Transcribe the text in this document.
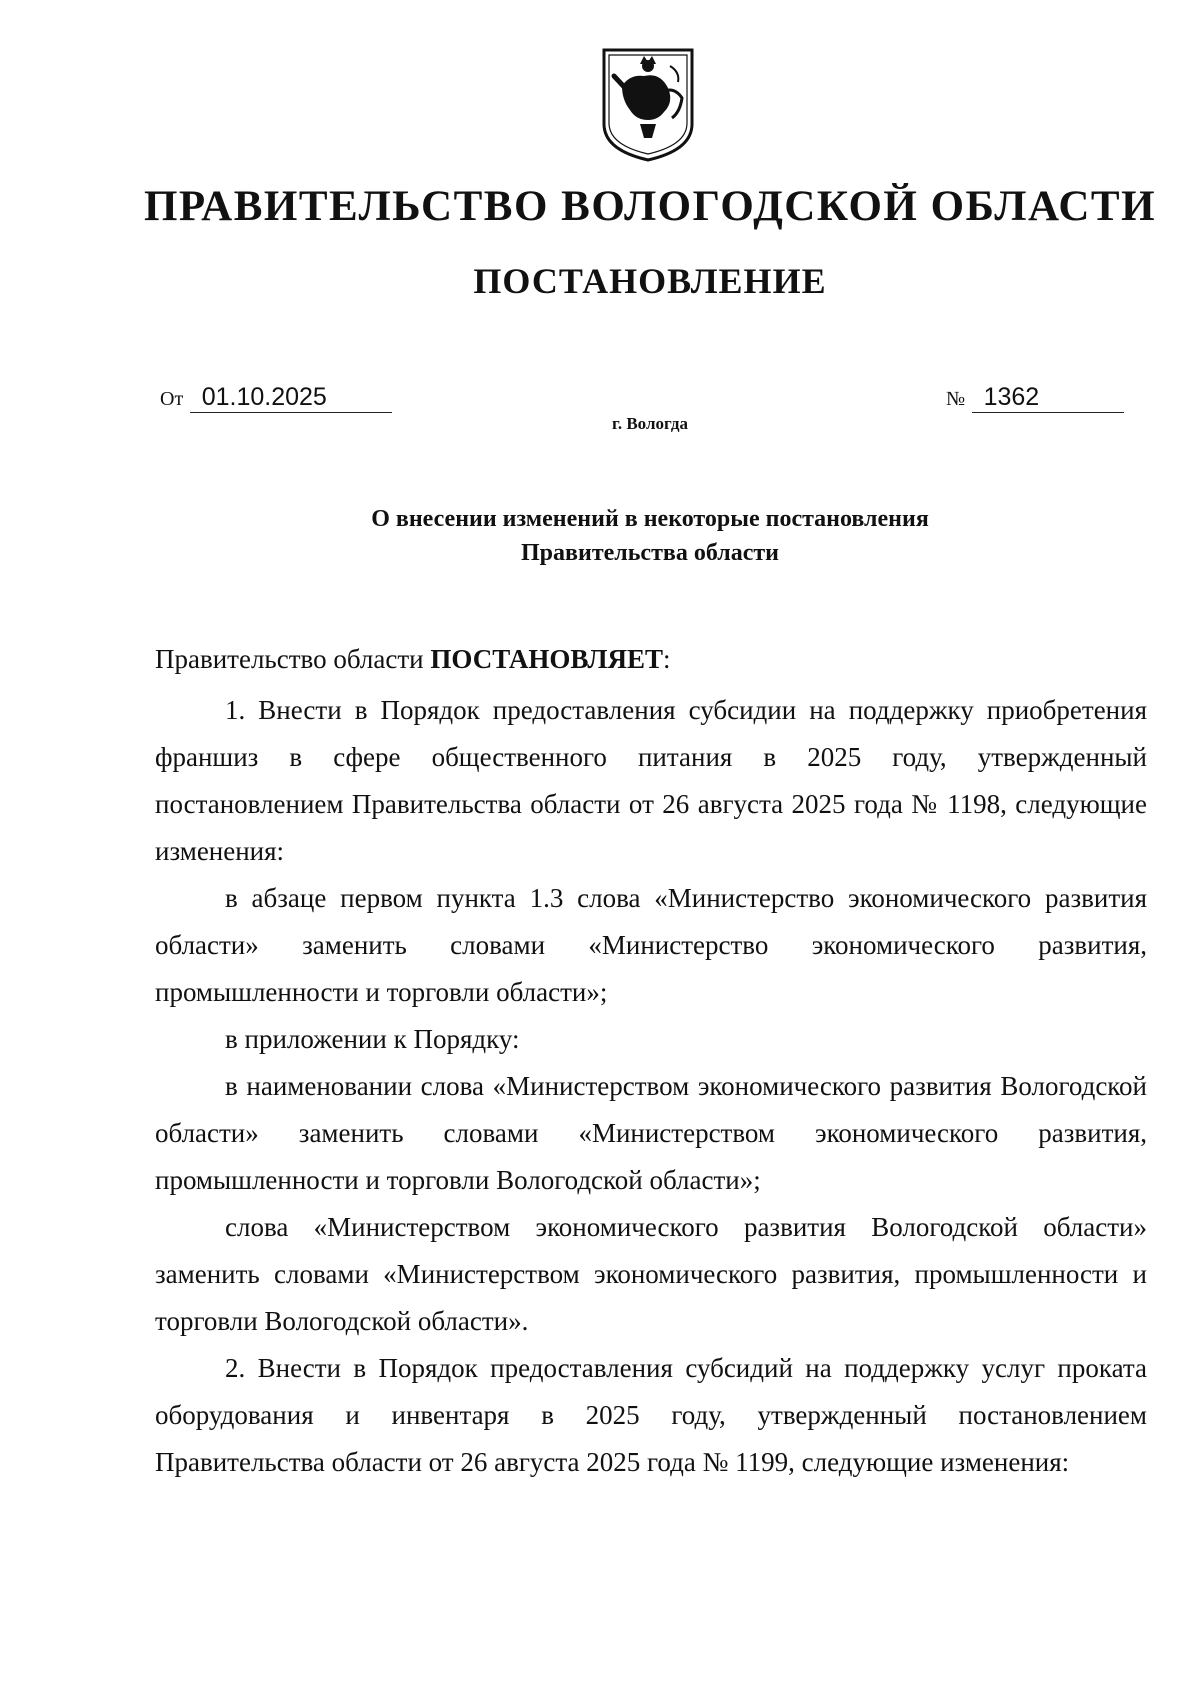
ПРАВИТЕЛЬСТВО ВОЛОГОДСКОЙ ОБЛАСТИ
ПОСТАНОВЛЕНИЕ
От 01.10.2025	№ 1362
г. Вологда
О внесении изменений в некоторые постановления
Правительства области

Правительство области ПОСТАНОВЛЯЕТ:

1. Внести в Порядок предоставления субсидии на поддержку приобретения франшиз в сфере общественного питания в 2025 году, утвержденный постановлением Правительства области от 26 августа 2025 года № 1198, следующие изменения:

в абзаце первом пункта 1.3 слова «Министерство экономического развития области» заменить словами «Министерство экономического развития, промышленности и торговли области»;

в приложении к Порядку:

в наименовании слова «Министерством экономического развития Вологодской области» заменить словами «Министерством экономического развития, промышленности и торговли Вологодской области»;

слова «Министерством экономического развития Вологодской области» заменить словами «Министерством экономического развития, промышленности и торговли Вологодской области».

2. Внести в Порядок предоставления субсидий на поддержку услуг проката оборудования и инвентаря в 2025 году, утвержденный постановлением Правительства области от 26 августа 2025 года № 1199, следующие изменения:
